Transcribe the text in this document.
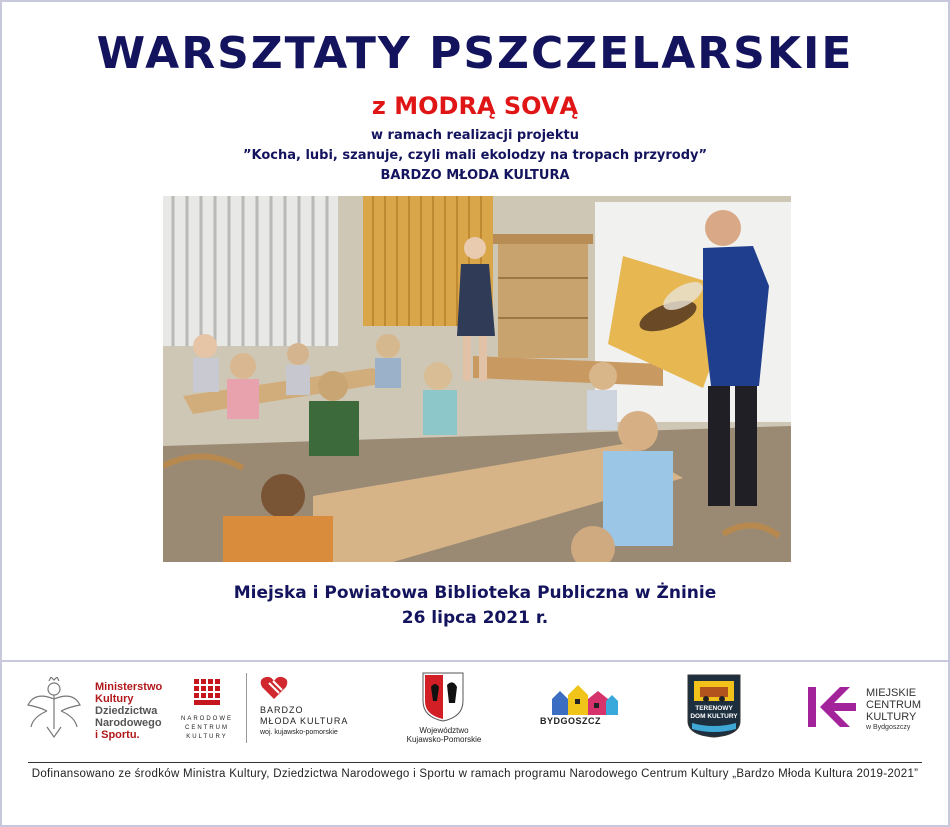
WARSZTATY PSZCZELARSKIE
z MODRĄ SOVĄ
w ramach realizacji projektu
”Kocha, lubi, szanuje, czyli mali ekolodzy na tropach przyrody”
BARDZO MŁODA KULTURA
Miejska i Powiatowa Biblioteka Publiczna w Żninie
26 lipca 2021 r.
Ministerstwo
Kultury
Dziedzictwa
Narodowego
i Sportu.
NARODOWE
CENTRUM
KULTURY
BARDZO
MŁODA KULTURA
woj. kujawsko-pomorskie	Województwo
Kujawsko-Pomorskie
BYDGOSZCZ
TERENOWY
DOM KULTURY
MIEJSKIE
CENTRUM
KULTURY
w Bydgoszczy
Dofinansowano ze środków Ministra Kultury, Dziedzictwa Narodowego i Sportu w ramach programu Narodowego Centrum Kultury „Bardzo Młoda Kultura 2019-2021”
